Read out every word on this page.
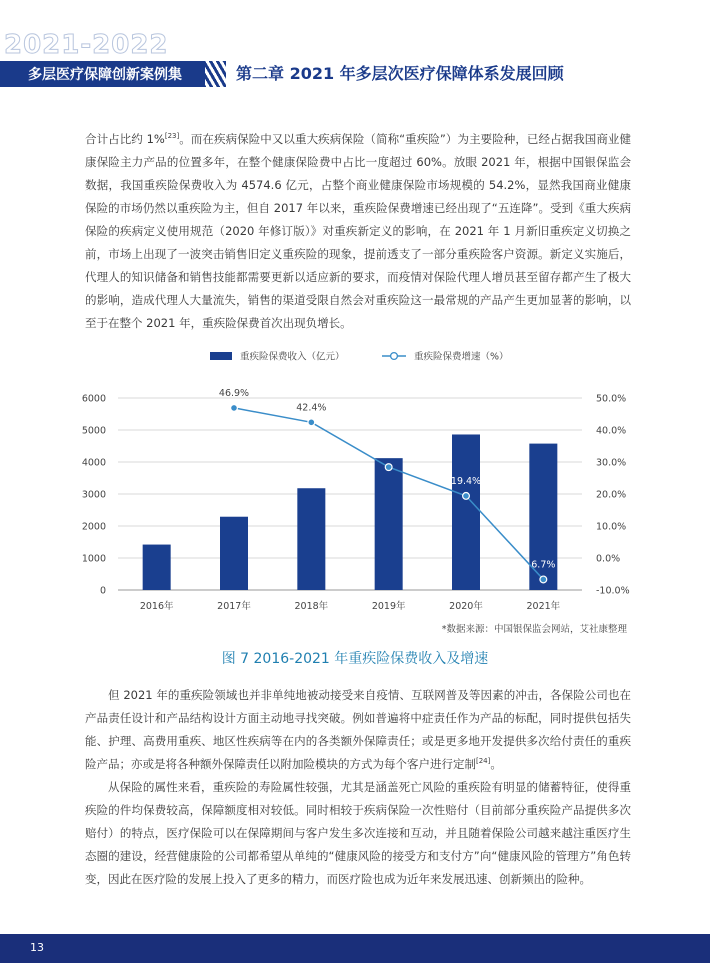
2021-2022
多层医疗保障创新案例集	第二章 2021 年多层次医疗保障体系发展回顾

合计占比约 1%[23]。而在疾病保险中又以重大疾病保险（简称“重疾险”）为主要险种，已经占据我国商业健康保险主力产品的位置多年，在整个健康保险费中占比一度超过 60%。放眼 2021 年，根据中国银保监会数据，我国重疾险保费收入为 4574.6 亿元，占整个商业健康保险市场规模的 54.2%，显然我国商业健康保险的市场仍然以重疾险为主，但自 2017 年以来，重疾险保费增速已经出现了“五连降”。受到《重大疾病保险的疾病定义使用规范（2020 年修订版）》对重疾新定义的影响，在 2021 年 1 月新旧重疾定义切换之前，市场上出现了一波突击销售旧定义重疾险的现象，提前透支了一部分重疾险客户资源。新定义实施后，代理人的知识储备和销售技能都需要更新以适应新的要求，而疫情对保险代理人增员甚至留存都产生了极大的影响，造成代理人大量流失，销售的渠道受限自然会对重疾险这一最常规的产品产生更加显著的影响，以至于在整个 2021 年，重疾险保费首次出现负增长。

0
1000
2000
3000
4000
5000
6000
-10.0%
0.0%
10.0%
20.0%
30.0%
40.0%
50.0%
2016年	2017年	2018年	2019年	2020年	2021年
46.9%
42.4%
28.4%
19.4%
6.7%
重疾险保费收入（亿元）	重疾险保费增速（%）
*数据来源：中国银保监会网站，艾社康整理
图 7 2016-2021 年重疾险保费收入及增速

但 2021 年的重疾险领域也并非单纯地被动接受来自疫情、互联网普及等因素的冲击，各保险公司也在产品责任设计和产品结构设计方面主动地寻找突破。例如普遍将中症责任作为产品的标配，同时提供包括失能、护理、高费用重疾、地区性疾病等在内的各类额外保障责任；或是更多地开发提供多次给付责任的重疾险产品；亦或是将各种额外保障责任以附加险模块的方式为每个客户进行定制[24]。

从保险的属性来看，重疾险的寿险属性较强，尤其是涵盖死亡风险的重疾险有明显的储蓄特征，使得重疾险的件均保费较高，保障额度相对较低。同时相较于疾病保险一次性赔付（目前部分重疾险产品提供多次赔付）的特点，医疗保险可以在保障期间与客户发生多次连接和互动，并且随着保险公司越来越注重医疗生态圈的建设，经营健康险的公司都希望从单纯的“健康风险的接受方和支付方”向“健康风险的管理方”角色转变，因此在医疗险的发展上投入了更多的精力，而医疗险也成为近年来发展迅速、创新频出的险种。

13
